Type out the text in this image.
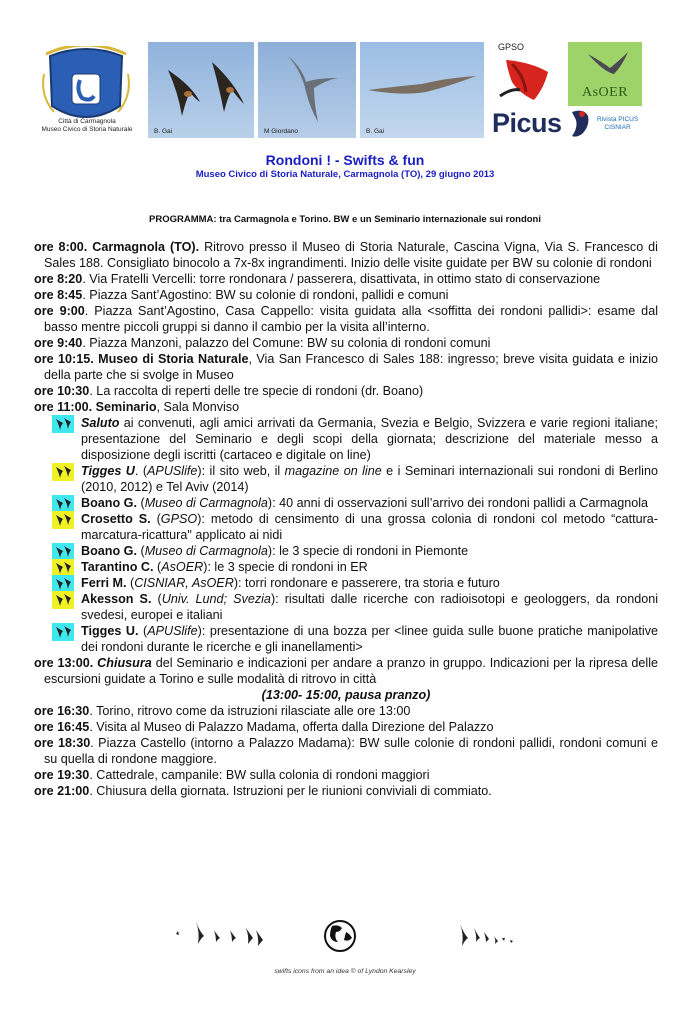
Città di Carmagnola
Museo Civico di Storia Naturale	B. Gai	M Giordano	B. Gai
GPSO
AsOER
Picus	Rivista PICUS
CISNIAR
Rondoni ! - Swifts & fun
Museo Civico di Storia Naturale, Carmagnola (TO), 29 giugno 2013
PROGRAMMA: tra Carmagnola e Torino. BW e un Seminario internazionale sui rondoni
ore 8:00. Carmagnola (TO). Ritrovo presso il Museo di Storia Naturale, Cascina Vigna, Via S. Francesco di Sales 188. Consigliato binocolo a 7x-8x ingrandimenti. Inizio delle visite guidate per BW su colonie di rondoni
ore 8:20. Via Fratelli Vercelli: torre rondonara / passerera, disattivata, in ottimo stato di conservazione
ore 8:45. Piazza Sant’Agostino: BW su colonie di rondoni, pallidi e comuni
ore 9:00. Piazza Sant’Agostino, Casa Cappello: visita guidata alla <soffitta dei rondoni pallidi>: esame dal basso mentre piccoli gruppi si danno il cambio per la visita all’interno.
ore 9:40. Piazza Manzoni, palazzo del Comune: BW su colonia di rondoni comuni
ore 10:15. Museo di Storia Naturale, Via San Francesco di Sales 188: ingresso; breve visita guidata e inizio della parte che si svolge in Museo
ore 10:30. La raccolta di reperti delle tre specie di rondoni (dr. Boano)
ore 11:00. Seminario, Sala Monviso
Saluto ai convenuti, agli amici arrivati da Germania, Svezia e Belgio, Svizzera e varie regioni italiane; presentazione del Seminario e degli scopi della giornata; descrizione del materiale messo a disposizione degli iscritti (cartaceo e digitale on line)
Tigges U. (APUSlife): il sito web, il magazine on line e i Seminari internazionali sui rondoni di Berlino (2010, 2012) e Tel Aviv (2014)
Boano G. (Museo di Carmagnola): 40 anni di osservazioni sull’arrivo dei rondoni pallidi a Carmagnola
Crosetto S. (GPSO): metodo di censimento di una grossa colonia di rondoni col metodo “cattura-marcatura-ricattura" applicato ai nidi
Boano G. (Museo di Carmagnola): le 3 specie di rondoni in Piemonte
Tarantino C. (AsOER): le 3 specie di rondoni in ER
Ferri M. (CISNIAR, AsOER): torri rondonare e passerere, tra storia e futuro
Akesson S. (Univ. Lund; Svezia): risultati dalle ricerche con radioisotopi e geologgers, da rondoni svedesi, europei e italiani
Tigges U. (APUSlife): presentazione di una bozza per <linee guida sulle buone pratiche manipolative dei rondoni durante le ricerche e gli inanellamenti>
ore 13:00. Chiusura del Seminario e indicazioni per andare a pranzo in gruppo. Indicazioni per la ripresa delle escursioni guidate a Torino e sulle modalità di ritrovo in città
(13:00- 15:00, pausa pranzo)
ore 16:30. Torino, ritrovo come da istruzioni rilasciate alle ore 13:00
ore 16:45. Visita al Museo di Palazzo Madama, offerta dalla Direzione del Palazzo
ore 18:30. Piazza Castello (intorno a Palazzo Madama): BW sulle colonie di rondoni pallidi, rondoni comuni e su quella di rondone maggiore.
ore 19:30. Cattedrale, campanile: BW sulla colonia di rondoni maggiori
ore 21:00. Chiusura della giornata. Istruzioni per le riunioni conviviali di commiato.
swifts icons from an idea © of Lyndon Kearsley
